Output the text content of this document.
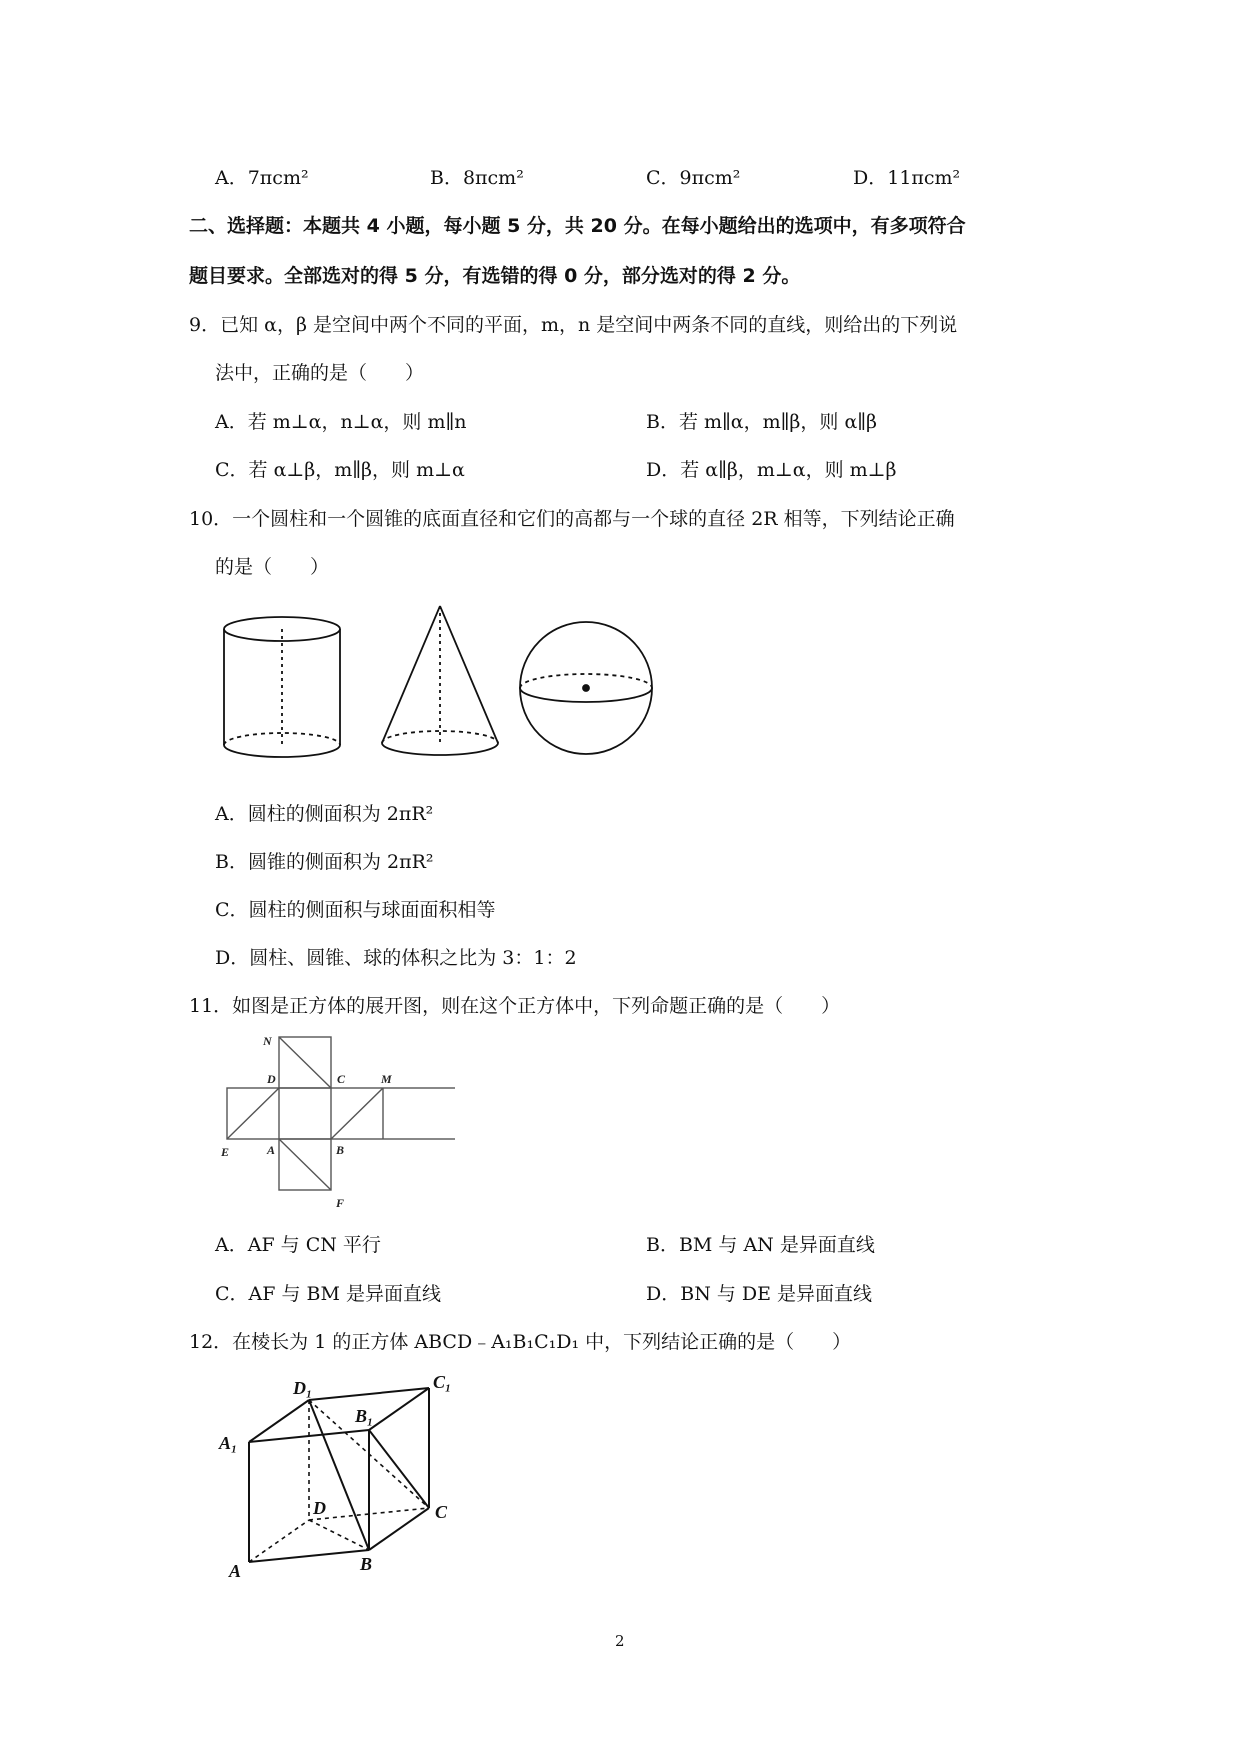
A．7πcm²	B．8πcm²	C．9πcm²	D．11πcm²
二、选择题：本题共 4 小题，每小题 5 分，共 20 分。在每小题给出的选项中，有多项符合
题目要求。全部选对的得 5 分，有选错的得 0 分，部分选对的得 2 分。
9．已知 α，β 是空间中两个不同的平面，m，n 是空间中两条不同的直线，则给出的下列说
法中，正确的是（　　）
A．若 m⊥α，n⊥α，则 m∥n	B．若 m∥α，m∥β，则 α∥β
C．若 α⊥β，m∥β，则 m⊥α	D．若 α∥β，m⊥α，则 m⊥β
10．一个圆柱和一个圆锥的底面直径和它们的高都与一个球的直径 2R 相等，下列结论正确
的是（　　）
A．圆柱的侧面积为 2πR²
B．圆锥的侧面积为 2πR²
C．圆柱的侧面积与球面面积相等
D．圆柱、圆锥、球的体积之比为 3：1：2
11．如图是正方体的展开图，则在这个正方体中，下列命题正确的是（　　）
N
D	C	M
E	A	B
F
A．AF 与 CN 平行	B．BM 与 AN 是异面直线
C．AF 与 BM 是异面直线	D．BN 与 DE 是异面直线
12．在棱长为 1 的正方体 ABCD﹣A₁B₁C₁D₁ 中，下列结论正确的是（　　）
D₁	C₁
B₁
A₁
D	C
A	B
2
